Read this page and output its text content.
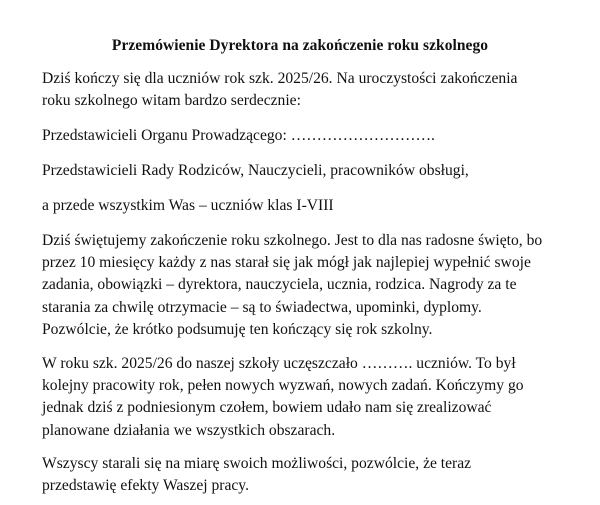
Przemówienie Dyrektora na zakończenie roku szkolnego

Dziś kończy się dla uczniów rok szk. 2025/26. Na uroczystości zakończenia
roku szkolnego witam bardzo serdecznie:

Przedstawicieli Organu Prowadzącego: ……………………….

Przedstawicieli Rady Rodziców, Nauczycieli, pracowników obsługi,

a przede wszystkim Was – uczniów klas I-VIII

Dziś świętujemy zakończenie roku szkolnego. Jest to dla nas radosne święto, bo
przez 10 miesięcy każdy z nas starał się jak mógł jak najlepiej wypełnić swoje
zadania, obowiązki – dyrektora, nauczyciela, ucznia, rodzica. Nagrody za te
starania za chwilę otrzymacie – są to świadectwa, upominki, dyplomy.
Pozwólcie, że krótko podsumuję ten kończący się rok szkolny.

W roku szk. 2025/26 do naszej szkoły uczęszczało ………. uczniów. To był
kolejny pracowity rok, pełen nowych wyzwań, nowych zadań. Kończymy go
jednak dziś z podniesionym czołem, bowiem udało nam się zrealizować
planowane działania we wszystkich obszarach.

Wszyscy starali się na miarę swoich możliwości, pozwólcie, że teraz
przedstawię efekty Waszej pracy.
